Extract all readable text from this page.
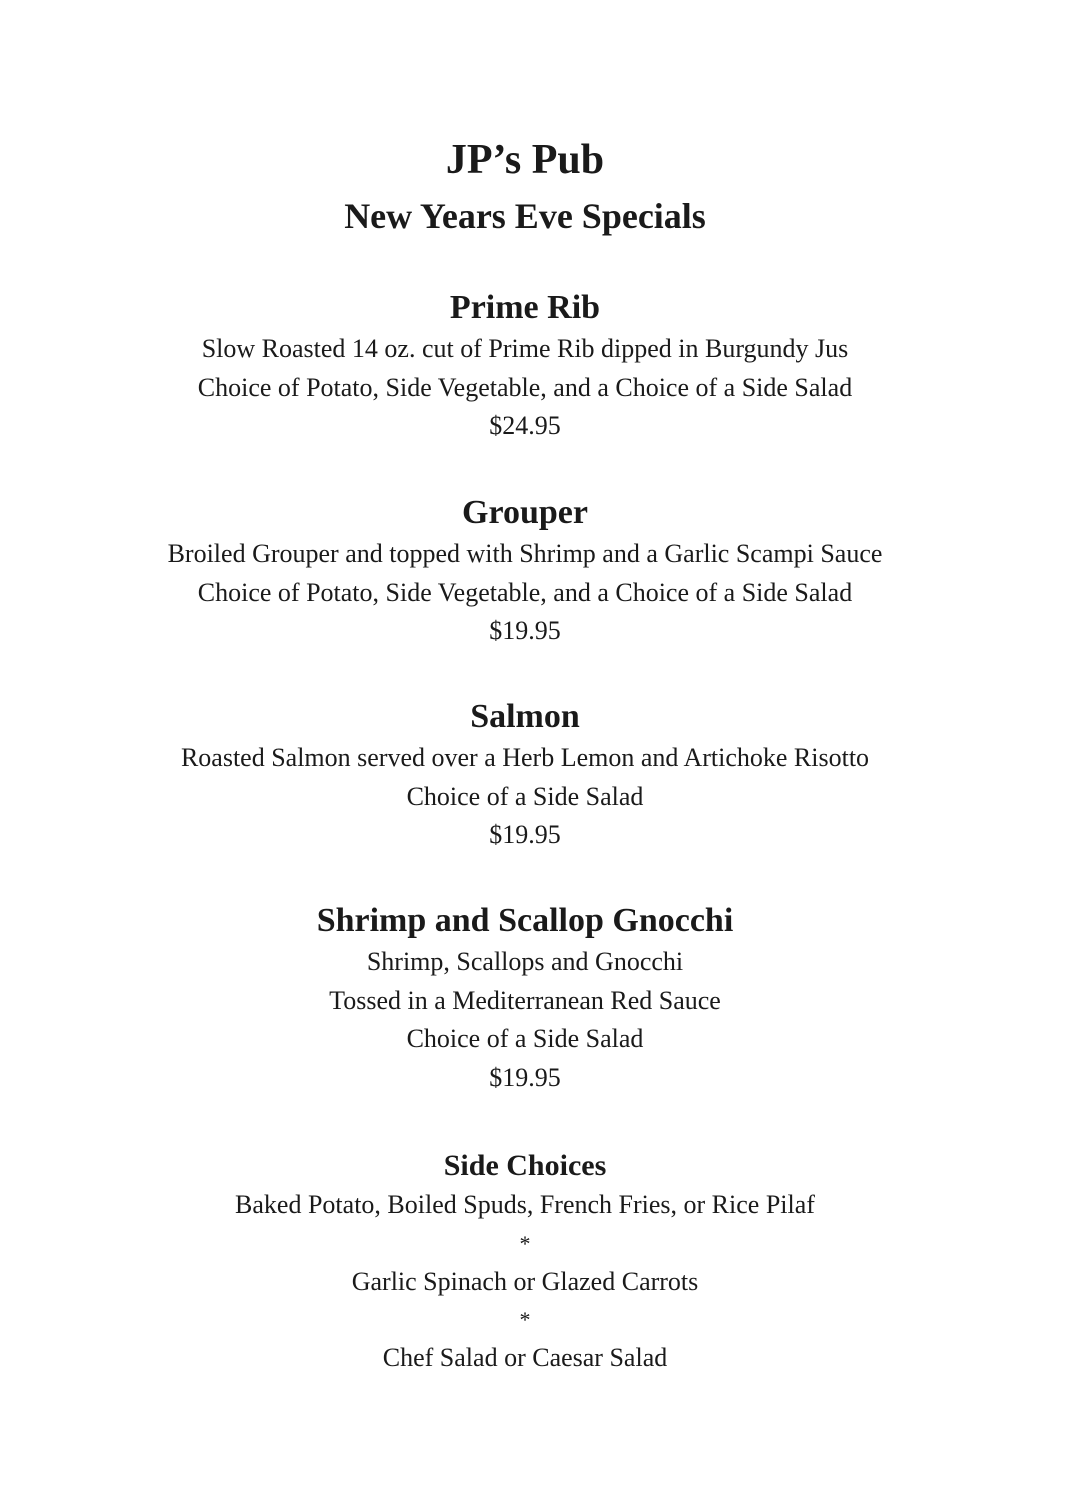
JP’s Pub
New Years Eve Specials
Prime Rib
Slow Roasted 14 oz. cut of Prime Rib dipped in Burgundy Jus
Choice of Potato, Side Vegetable, and a Choice of a Side Salad
$24.95
Grouper
Broiled Grouper and topped with Shrimp and a Garlic Scampi Sauce
Choice of Potato, Side Vegetable, and a Choice of a Side Salad
$19.95
Salmon
Roasted Salmon served over a Herb Lemon and Artichoke Risotto
Choice of a Side Salad
$19.95
Shrimp and Scallop Gnocchi
Shrimp, Scallops and Gnocchi
Tossed in a Mediterranean Red Sauce
Choice of a Side Salad
$19.95
Side Choices
Baked Potato, Boiled Spuds, French Fries, or Rice Pilaf
*
Garlic Spinach or Glazed Carrots
*
Chef Salad or Caesar Salad
